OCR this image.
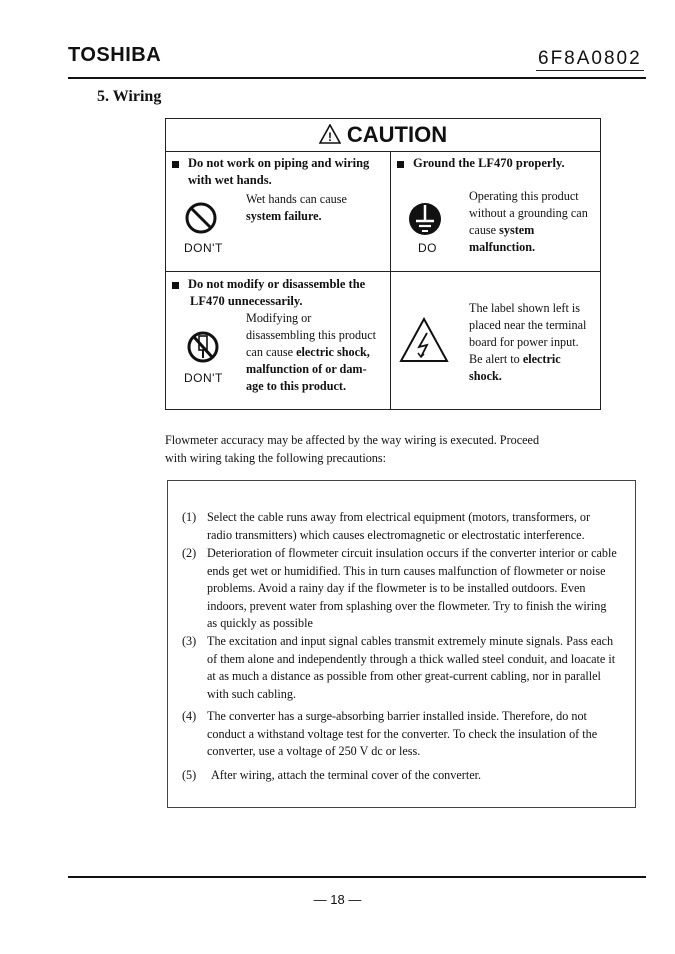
TOSHIBA	6F8A0802
5. Wiring
! CAUTION
Do not work on piping and wiring
with wet hands.
Wet hands can cause
system failure.
DON'T
Ground the LF470 properly.
Operating this product
without a grounding can
cause system
malfunction.
DO
Do not modify or disassemble the
LF470 unnecessarily.
Modifying or
disassembling this product
can cause electric shock,
malfunction of or dam-
age to this product.
DON'T
The label shown left is
placed near the terminal
board for power input.
Be alert to electric
shock.
Flowmeter accuracy may be affected by the way wiring is executed. Proceed
with wiring taking the following precautions:
(1) Select the cable runs away from electrical equipment (motors, transformers, or radio transmitters) which causes electromagnetic or electrostatic interference.
(2) Deterioration of flowmeter circuit insulation occurs if the converter interior or cable ends get wet or humidified. This in turn causes malfunction of flowmeter or noise problems. Avoid a rainy day if the flowmeter is to be installed outdoors. Even indoors, prevent water from splashing over the flowmeter. Try to finish the wiring as quickly as possible
(3) The excitation and input signal cables transmit extremely minute signals. Pass each of them alone and independently through a thick walled steel conduit, and loacate it at as much a distance as possible from other great-current cabling, nor in parallel with such cabling.
(4) The converter has a surge-absorbing barrier installed inside. Therefore, do not conduct a withstand voltage test for the converter. To check the insulation of the converter, use a voltage of 250 V dc or less.
(5) After wiring, attach the terminal cover of the converter.
— 18 —
